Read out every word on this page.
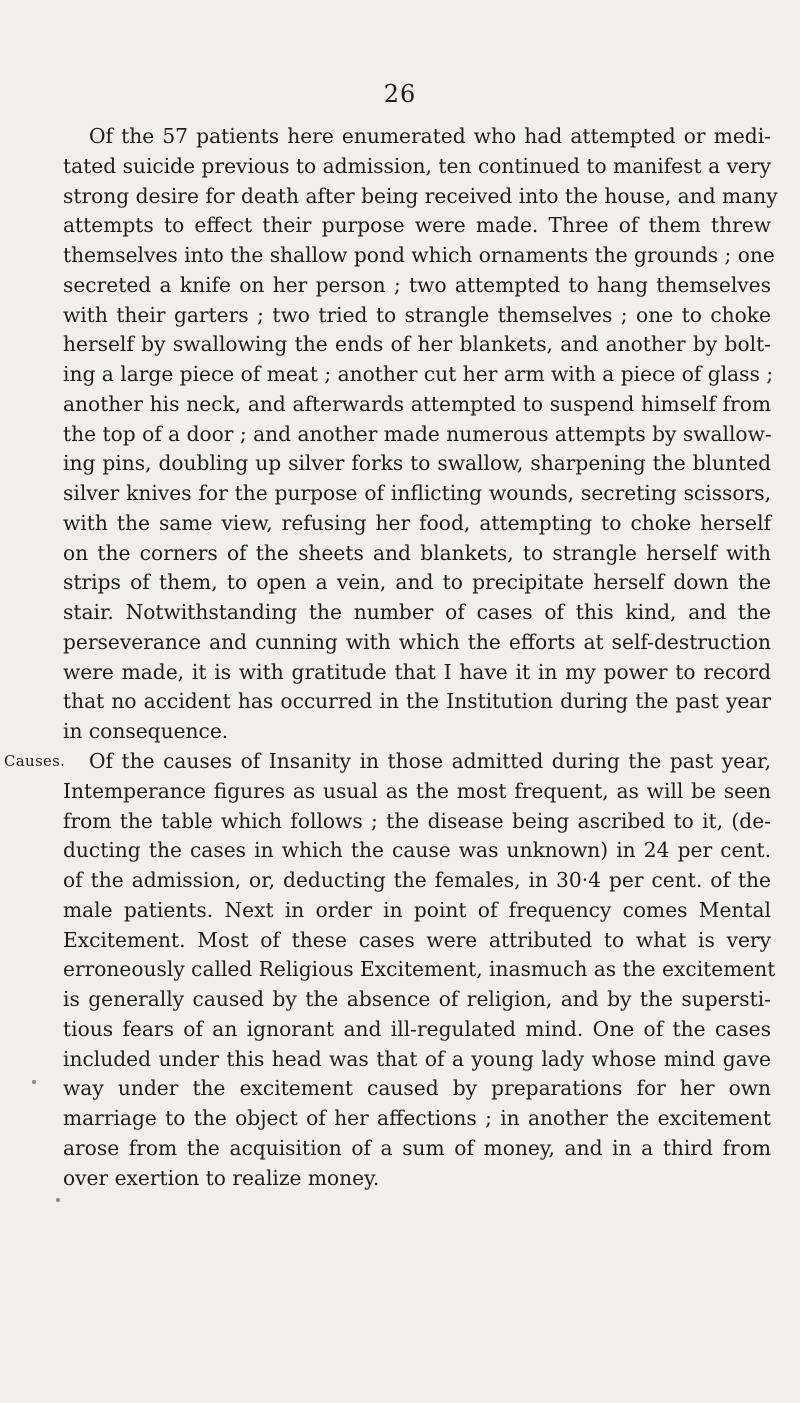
26
Causes.
Of the 57 patients here enumerated who had attempted or medi-
tated suicide previous to admission, ten continued to manifest a very
strong desire for death after being received into the house, and many
attempts to effect their purpose were made. Three of them threw
themselves into the shallow pond which ornaments the grounds ; one
secreted a knife on her person ; two attempted to hang themselves
with their garters ; two tried to strangle themselves ; one to choke
herself by swallowing the ends of her blankets, and another by bolt-
ing a large piece of meat ; another cut her arm with a piece of glass ;
another his neck, and afterwards attempted to suspend himself from
the top of a door ; and another made numerous attempts by swallow-
ing pins, doubling up silver forks to swallow, sharpening the blunted
silver knives for the purpose of inflicting wounds, secreting scissors,
with the same view, refusing her food, attempting to choke herself
on the corners of the sheets and blankets, to strangle herself with
strips of them, to open a vein, and to precipitate herself down the
stair. Notwithstanding the number of cases of this kind, and the
perseverance and cunning with which the efforts at self-destruction
were made, it is with gratitude that I have it in my power to record
that no accident has occurred in the Institution during the past year
in consequence.
Of the causes of Insanity in those admitted during the past year,
Intemperance figures as usual as the most frequent, as will be seen
from the table which follows ; the disease being ascribed to it, (de-
ducting the cases in which the cause was unknown) in 24 per cent.
of the admission, or, deducting the females, in 30·4 per cent. of the
male patients. Next in order in point of frequency comes Mental
Excitement. Most of these cases were attributed to what is very
erroneously called Religious Excitement, inasmuch as the excitement
is generally caused by the absence of religion, and by the supersti-
tious fears of an ignorant and ill-regulated mind. One of the cases
included under this head was that of a young lady whose mind gave
way under the excitement caused by preparations for her own
marriage to the object of her affections ; in another the excitement
arose from the acquisition of a sum of money, and in a third from
over exertion to realize money.
